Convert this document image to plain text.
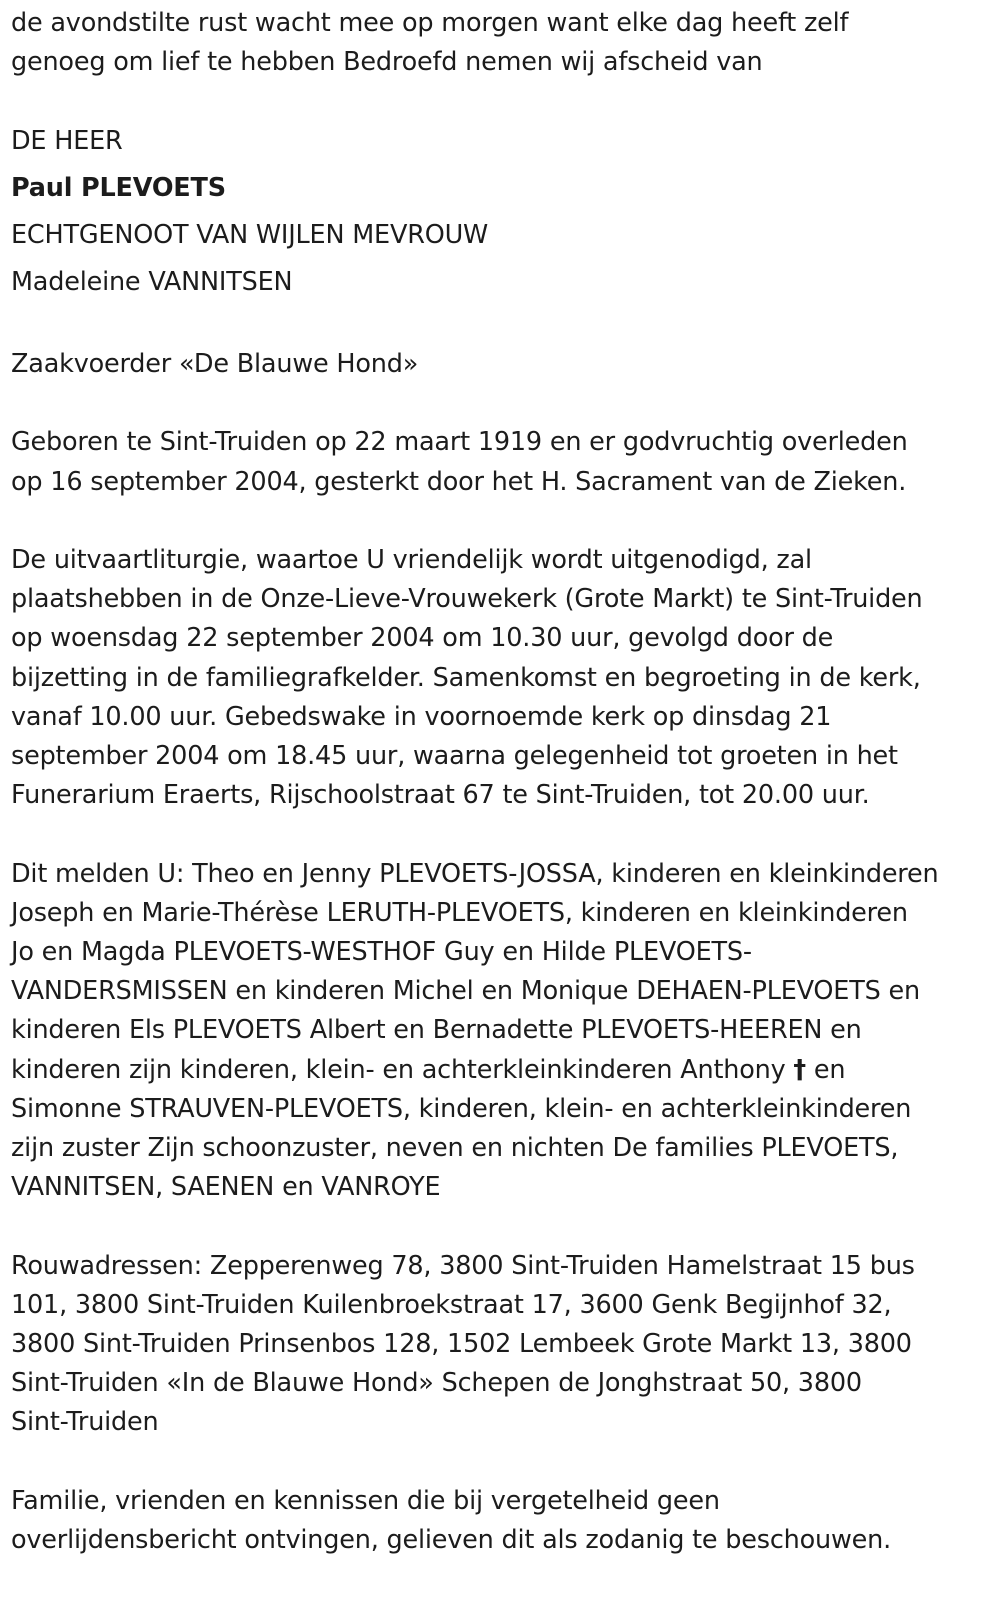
de avondstilte rust wacht mee op morgen want elke dag heeft zelf
genoeg om lief te hebben Bedroefd nemen wij afscheid van

DE HEER
Paul PLEVOETS
ECHTGENOOT VAN WIJLEN MEVROUW
Madeleine VANNITSEN

Zaakvoerder «De Blauwe Hond»

Geboren te Sint-Truiden op 22 maart 1919 en er godvruchtig overleden
op 16 september 2004, gesterkt door het H. Sacrament van de Zieken.

De uitvaartliturgie, waartoe U vriendelijk wordt uitgenodigd, zal
plaatshebben in de Onze-Lieve-Vrouwekerk (Grote Markt) te Sint-Truiden
op woensdag 22 september 2004 om 10.30 uur, gevolgd door de
bijzetting in de familiegrafkelder. Samenkomst en begroeting in de kerk,
vanaf 10.00 uur. Gebedswake in voornoemde kerk op dinsdag 21
september 2004 om 18.45 uur, waarna gelegenheid tot groeten in het
Funerarium Eraerts, Rijschoolstraat 67 te Sint-Truiden, tot 20.00 uur.

Dit melden U: Theo en Jenny PLEVOETS-JOSSA, kinderen en kleinkinderen
Joseph en Marie-Thérèse LERUTH-PLEVOETS, kinderen en kleinkinderen
Jo en Magda PLEVOETS-WESTHOF Guy en Hilde PLEVOETS-
VANDERSMISSEN en kinderen Michel en Monique DEHAEN-PLEVOETS en
kinderen Els PLEVOETS Albert en Bernadette PLEVOETS-HEEREN en
kinderen zijn kinderen, klein- en achterkleinkinderen Anthony † en
Simonne STRAUVEN-PLEVOETS, kinderen, klein- en achterkleinkinderen
zijn zuster Zijn schoonzuster, neven en nichten De families PLEVOETS,
VANNITSEN, SAENEN en VANROYE

Rouwadressen: Zepperenweg 78, 3800 Sint-Truiden Hamelstraat 15 bus
101, 3800 Sint-Truiden Kuilenbroekstraat 17, 3600 Genk Begijnhof 32,
3800 Sint-Truiden Prinsenbos 128, 1502 Lembeek Grote Markt 13, 3800
Sint-Truiden «In de Blauwe Hond» Schepen de Jonghstraat 50, 3800
Sint-Truiden

Familie, vrienden en kennissen die bij vergetelheid geen
overlijdensbericht ontvingen, gelieven dit als zodanig te beschouwen.
